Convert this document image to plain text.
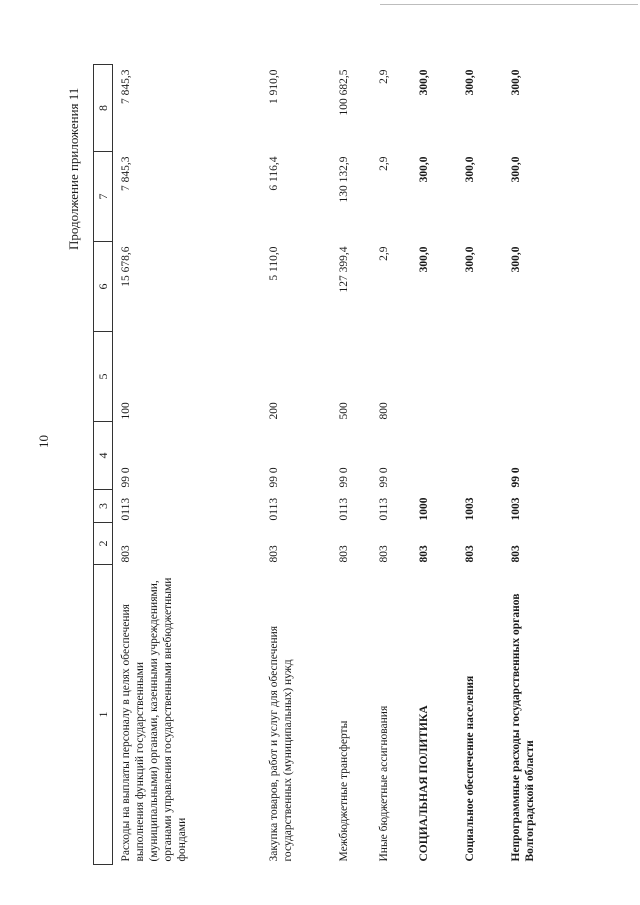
10
Продолжение приложения 11
1	2	3	4	5	6	7	8
Расходы на выплаты персоналу в целях обеспечения выполнения функций государственными (муниципальными) органами, казенными учреждениями, органами управления государственными внебюджетными фондами	803	0113	99 0	100	15 678,6	7 845,3	7 845,3
Закупка товаров, работ и услуг для обеспечения государственных (муниципальных) нужд	803	0113	99 0	200	5 110,0	6 116,4	1 910,0
Межбюджетные трансферты	803	0113	99 0	500	127 399,4	130 132,9	100 682,5
Иные бюджетные ассигнования	803	0113	99 0	800	2,9	2,9	2,9
СОЦИАЛЬНАЯ ПОЛИТИКА	803	1000			300,0	300,0	300,0
Социальное обеспечение населения	803	1003			300,0	300,0	300,0
Непрограммные расходы государственных органов Волгоградской области	803	1003	99 0		300,0	300,0	300,0
